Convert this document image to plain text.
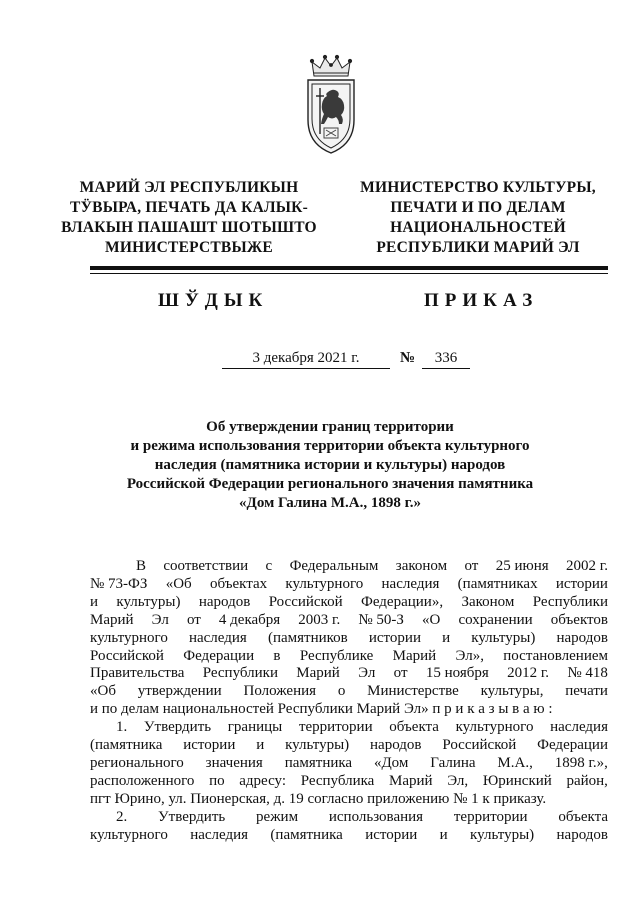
МАРИЙ ЭЛ РЕСПУБЛИКЫН
ТӰВЫРА, ПЕЧАТЬ ДА КАЛЫК-
ВЛАКЫН ПАШАШТ ШОТЫШТО
МИНИСТЕРСТВЫЖЕ
МИНИСТЕРСТВО КУЛЬТУРЫ,
ПЕЧАТИ И ПО ДЕЛАМ
НАЦИОНАЛЬНОСТЕЙ
РЕСПУБЛИКИ МАРИЙ ЭЛ
ШЎДЫК	ПРИКАЗ
3 декабря 2021 г.	№	336
Об утверждении границ территории
и режима использования территории объекта культурного
наследия (памятника истории и культуры) народов
Российской Федерации регионального значения памятника
«Дом Галина М.А., 1898 г.»
В соответствии с Федеральным законом от 25 июня 2002 г.
№ 73-ФЗ «Об объектах культурного наследия (памятниках истории
и культуры) народов Российской Федерации», Законом Республики
Марий Эл от 4 декабря 2003 г. № 50-З «О сохранении объектов
культурного наследия (памятников истории и культуры) народов
Российской Федерации в Республике Марий Эл», постановлением
Правительства Республики Марий Эл от 15 ноября 2012 г. № 418
«Об утверждении Положения о Министерстве культуры, печати
и по делам национальностей Республики Марий Эл» п р и к а з ы в а ю :
1. Утвердить границы территории объекта культурного наследия
(памятника истории и культуры) народов Российской Федерации
регионального значения памятника «Дом Галина М.А., 1898 г.»,
расположенного по адресу: Республика Марий Эл, Юринский район,
пгт Юрино, ул. Пионерская, д. 19 согласно приложению № 1 к приказу.
2. Утвердить режим использования территории объекта
культурного наследия (памятника истории и культуры) народов
